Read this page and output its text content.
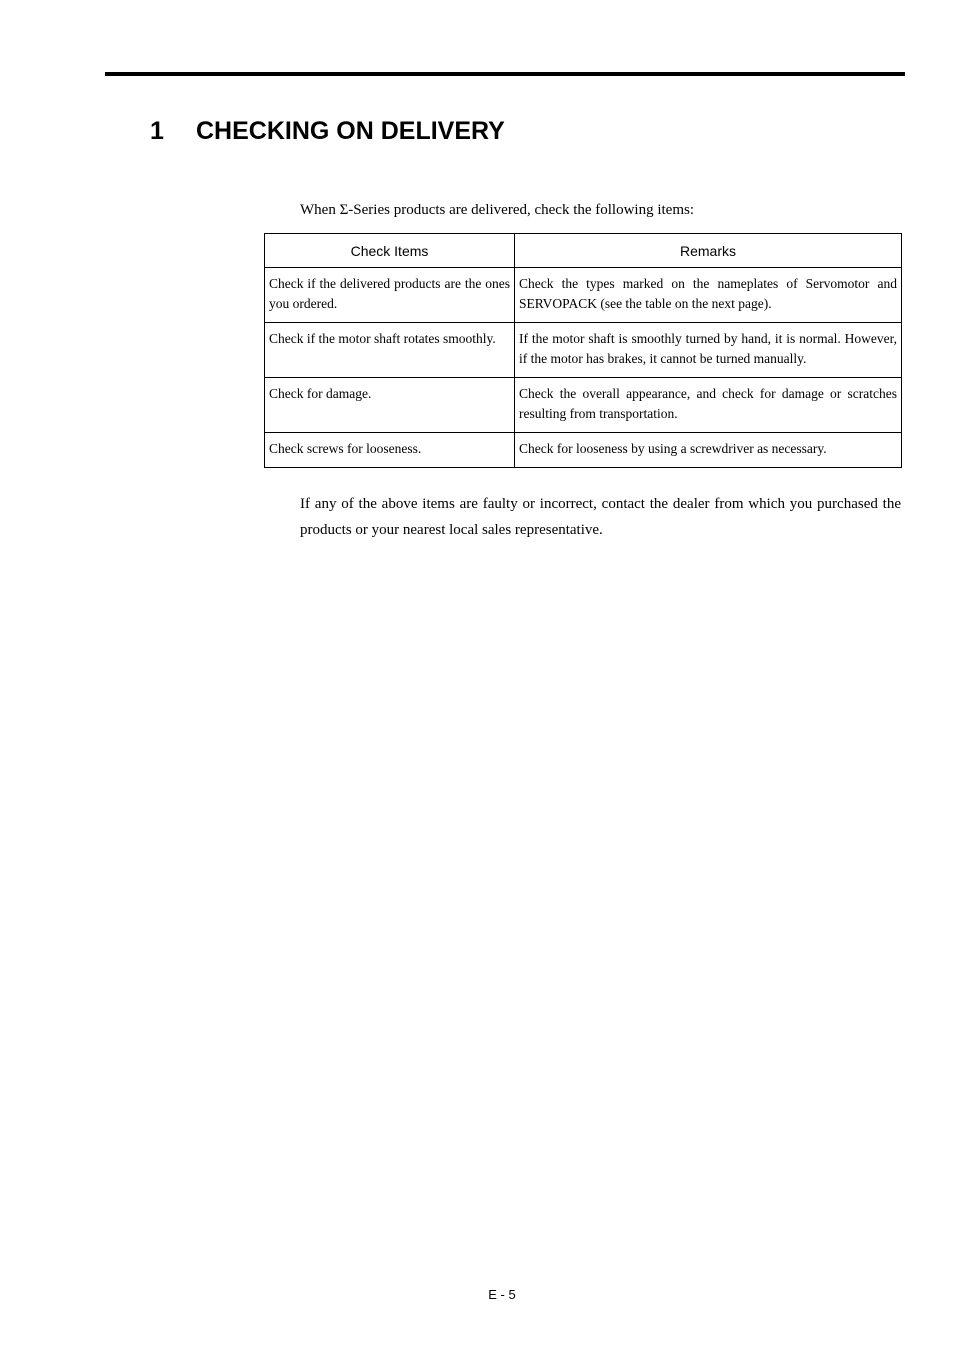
1 CHECKING ON DELIVERY
When Σ-Series products are delivered, check the following items:
Check Items	Remarks
Check if the delivered products are the ones you ordered.	Check the types marked on the nameplates of Servomotor and SERVOPACK (see the table on the next page).
Check if the motor shaft rotates smoothly.	If the motor shaft is smoothly turned by hand, it is normal. However, if the motor has brakes, it cannot be turned manually.
Check for damage.	Check the overall appearance, and check for damage or scratches resulting from transportation.
Check screws for looseness.	Check for looseness by using a screwdriver as necessary.
If any of the above items are faulty or incorrect, contact the dealer from which you purchased the products or your nearest local sales representative.
E - 5
